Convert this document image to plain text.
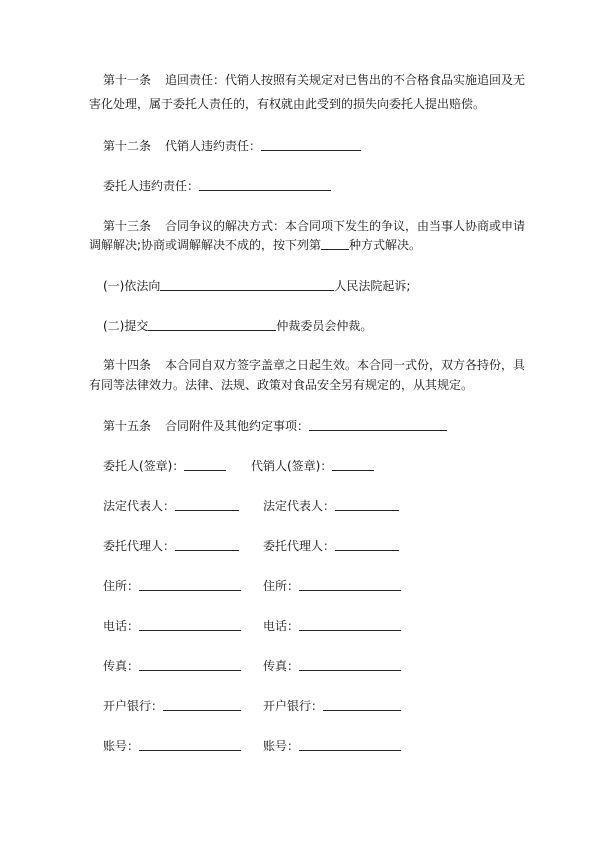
第十一条 追回责任：代销人按照有关规定对已售出的不合格食品实施追回及无
害化处理，属于委托人责任的，有权就由此受到的损失向委托人提出赔偿。
第十二条 代销人违约责任：
委托人违约责任：
第十三条 合同争议的解决方式：本合同项下发生的争议，由当事人协商或申请
调解解决;协商或调解解决不成的，按下列第 种方式解决。
(一)依法向	人民法院起诉;
(二)提交	仲裁委员会仲裁。
第十四条 本合同自双方签字盖章之日起生效。本合同一式份，双方各持份，具
有同等法律效力。法律、法规、政策对食品安全另有规定的，从其规定。
第十五条 合同附件及其他约定事项：
委托人(签章)：	代销人(签章)：
法定代表人：	法定代表人：
委托代理人：	委托代理人：
住所：	住所：
电话：	电话：
传真：	传真：
开户银行：	开户银行：
账号：	账号：
